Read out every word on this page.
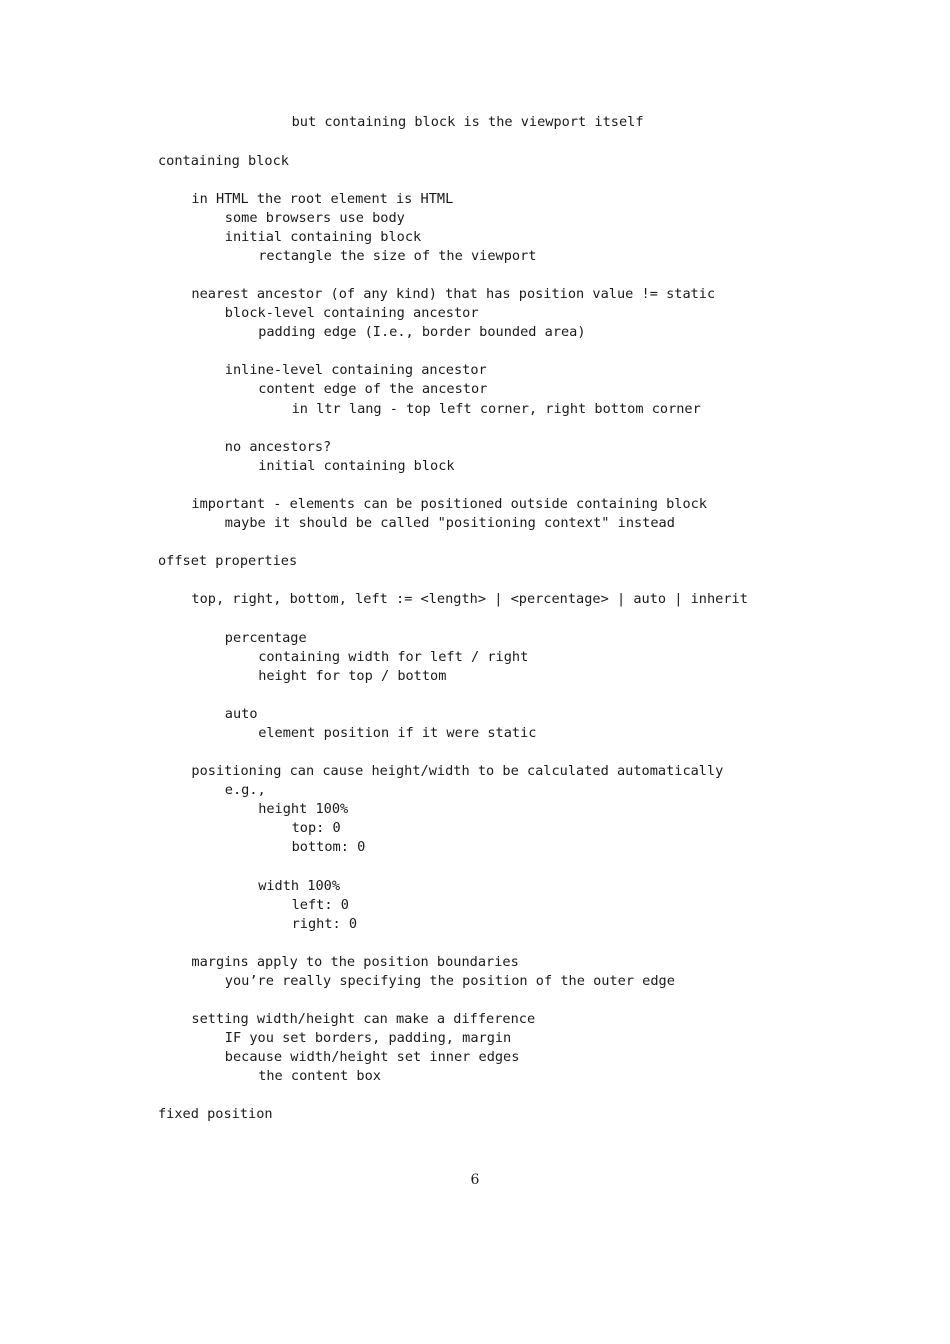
but containing block is the viewport itself
containing block
in HTML the root element is HTML
some browsers use body
initial containing block
rectangle the size of the viewport
nearest ancestor (of any kind) that has position value != static
block-level containing ancestor
padding edge (I.e., border bounded area)
inline-level containing ancestor
content edge of the ancestor
in ltr lang - top left corner, right bottom corner
no ancestors?
initial containing block
important - elements can be positioned outside containing block
maybe it should be called "positioning context" instead
offset properties
top, right, bottom, left := <length> | <percentage> | auto | inherit
percentage
containing width for left / right
height for top / bottom
auto
element position if it were static
positioning can cause height/width to be calculated automatically
e.g.,
height 100%
top: 0
bottom: 0
width 100%
left: 0
right: 0
margins apply to the position boundaries
you’re really specifying the position of the outer edge
setting width/height can make a difference
IF you set borders, padding, margin
because width/height set inner edges
the content box
fixed position
6
